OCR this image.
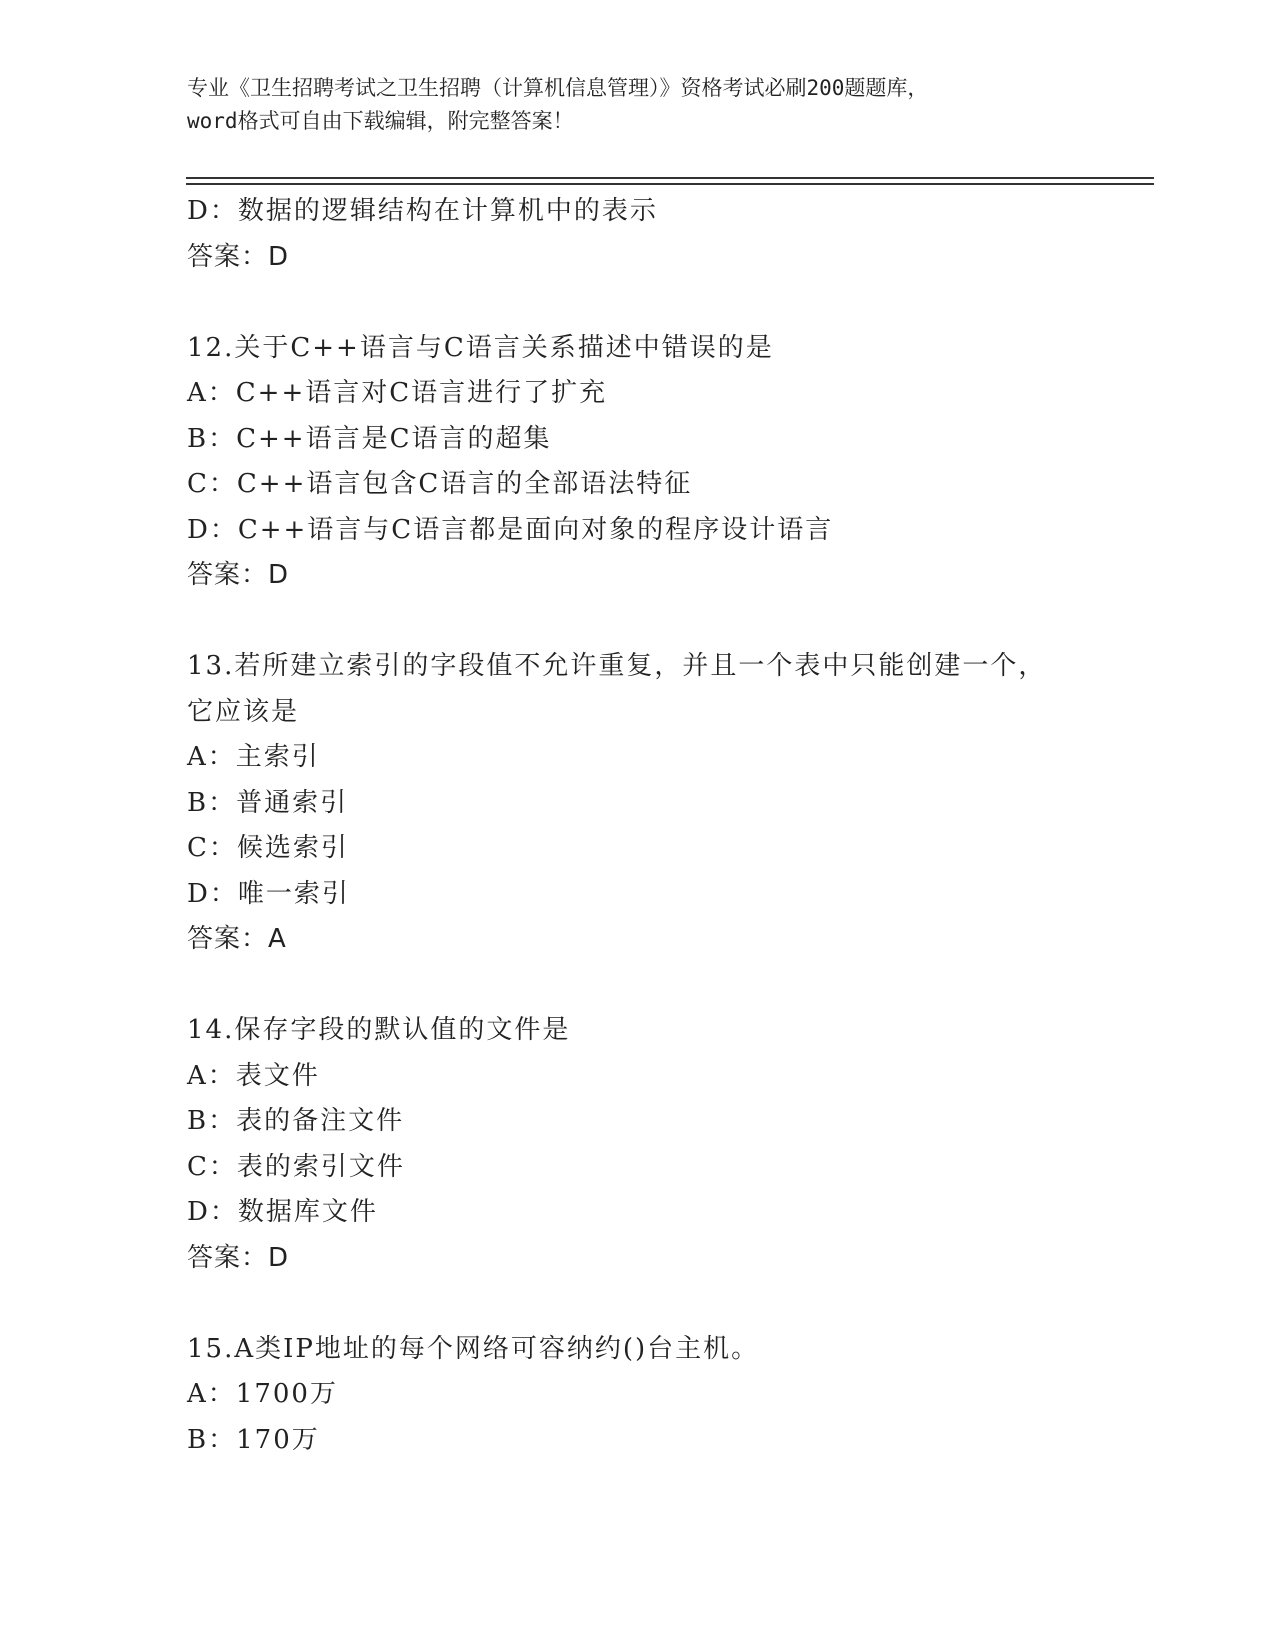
专业《卫生招聘考试之卫生招聘（计算机信息管理）》资格考试必刷200题题库，
word格式可自由下载编辑，附完整答案！
D：数据的逻辑结构在计算机中的表示
答案：D
12.关于C++语言与C语言关系描述中错误的是
A：C++语言对C语言进行了扩充
B：C++语言是C语言的超集
C：C++语言包含C语言的全部语法特征
D：C++语言与C语言都是面向对象的程序设计语言
答案：D
13.若所建立索引的字段值不允许重复，并且一个表中只能创建一个，
它应该是
A：主索引
B：普通索引
C：候选索引
D：唯一索引
答案：A
14.保存字段的默认值的文件是
A：表文件
B：表的备注文件
C：表的索引文件
D：数据库文件
答案：D
15.A类IP地址的每个网络可容纳约()台主机。
A：1700万
B：170万
